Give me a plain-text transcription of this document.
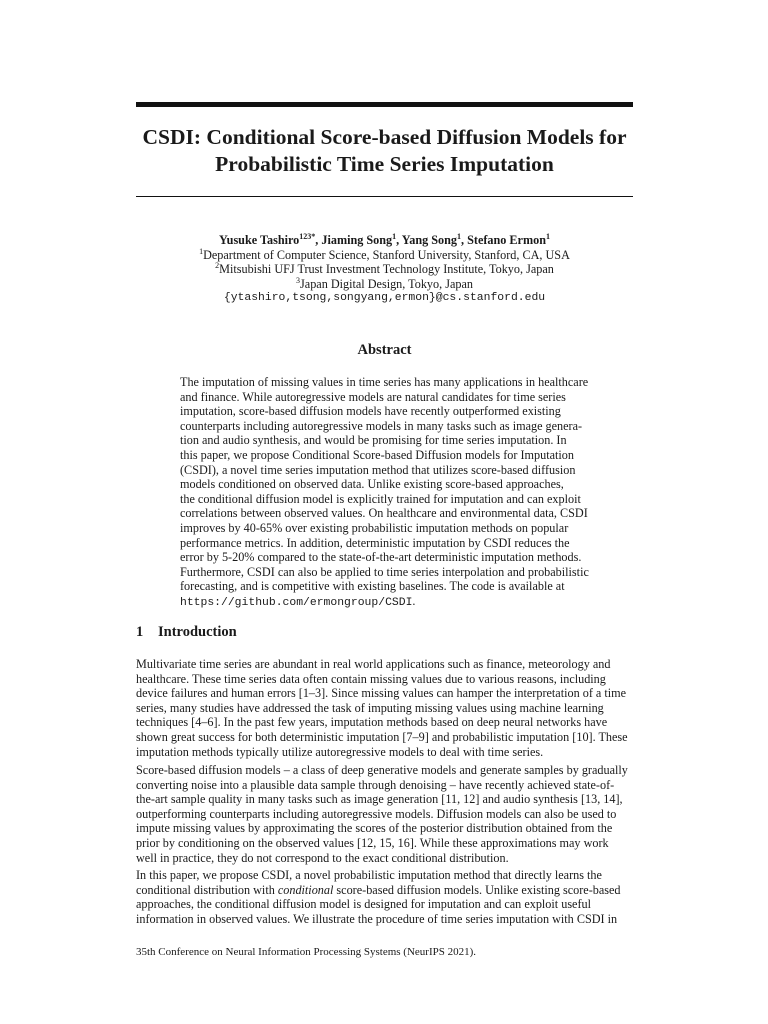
CSDI: Conditional Score-based Diffusion Models for
Probabilistic Time Series Imputation
Yusuke Tashiro$^{123*}$, Jiaming Song$^1$, Yang Song$^1$, Stefano Ermon$^1$
$^1$Department of Computer Science, Stanford University, Stanford, CA, USA
$^2$Mitsubishi UFJ Trust Investment Technology Institute, Tokyo, Japan
$^3$Japan Digital Design, Tokyo, Japan
{ytashiro,tsong,songyang,ermon}@cs.stanford.edu
Abstract
The imputation of missing values in time series has many applications in healthcare
and finance. While autoregressive models are natural candidates for time series
imputation, score-based diffusion models have recently outperformed existing
counterparts including autoregressive models in many tasks such as image genera-
tion and audio synthesis, and would be promising for time series imputation. In
this paper, we propose Conditional Score-based Diffusion models for Imputation
(CSDI), a novel time series imputation method that utilizes score-based diffusion
models conditioned on observed data. Unlike existing score-based approaches,
the conditional diffusion model is explicitly trained for imputation and can exploit
correlations between observed values. On healthcare and environmental data, CSDI
improves by 40-65% over existing probabilistic imputation methods on popular
performance metrics. In addition, deterministic imputation by CSDI reduces the
error by 5-20% compared to the state-of-the-art deterministic imputation methods.
Furthermore, CSDI can also be applied to time series interpolation and probabilistic
forecasting, and is competitive with existing baselines. The code is available at
https://github.com/ermongroup/CSDI.
1 Introduction
Multivariate time series are abundant in real world applications such as finance, meteorology and
healthcare. These time series data often contain missing values due to various reasons, including
device failures and human errors [1–3]. Since missing values can hamper the interpretation of a time
series, many studies have addressed the task of imputing missing values using machine learning
techniques [4–6]. In the past few years, imputation methods based on deep neural networks have
shown great success for both deterministic imputation [7–9] and probabilistic imputation [10]. These
imputation methods typically utilize autoregressive models to deal with time series.
Score-based diffusion models – a class of deep generative models and generate samples by gradually
converting noise into a plausible data sample through denoising – have recently achieved state-of-
the-art sample quality in many tasks such as image generation [11, 12] and audio synthesis [13, 14],
outperforming counterparts including autoregressive models. Diffusion models can also be used to
impute missing values by approximating the scores of the posterior distribution obtained from the
prior by conditioning on the observed values [12, 15, 16]. While these approximations may work
well in practice, they do not correspond to the exact conditional distribution.
In this paper, we propose CSDI, a novel probabilistic imputation method that directly learns the
conditional distribution with conditional score-based diffusion models. Unlike existing score-based
approaches, the conditional diffusion model is designed for imputation and can exploit useful
information in observed values. We illustrate the procedure of time series imputation with CSDI in
35th Conference on Neural Information Processing Systems (NeurIPS 2021).
